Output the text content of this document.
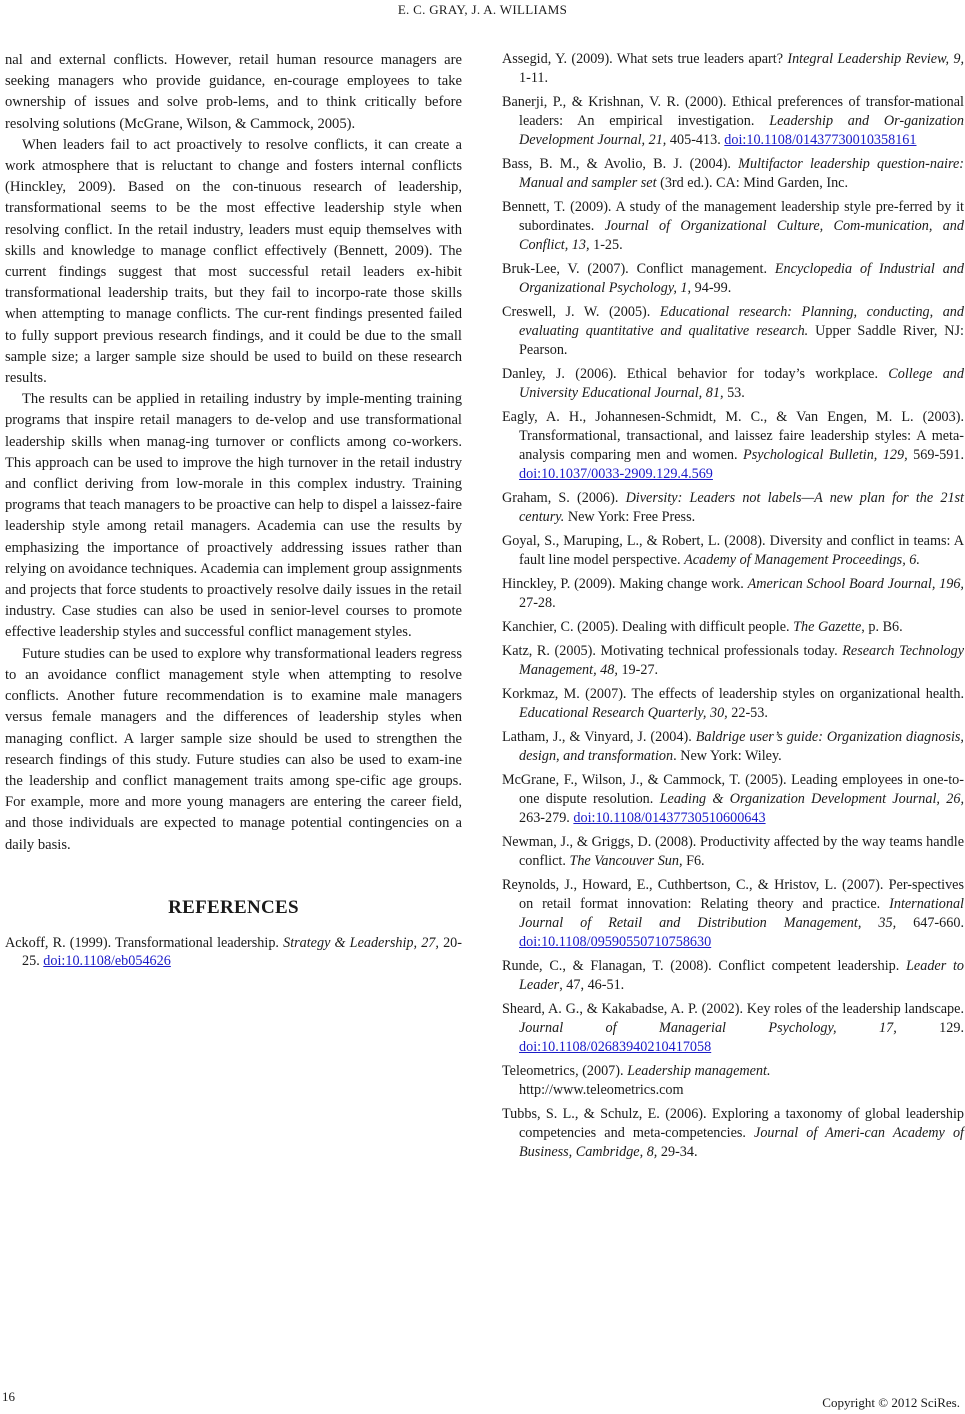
E. C. GRAY, J. A. WILLIAMS

nal and external conflicts. However, retail human resource managers are seeking managers who provide guidance, en-courage employees to take ownership of issues and solve prob-lems, and to think critically before resolving solutions (McGrane, Wilson, & Cammock, 2005).

When leaders fail to act proactively to resolve conflicts, it can create a work atmosphere that is reluctant to change and fosters internal conflicts (Hinckley, 2009). Based on the con-tinuous research of leadership, transformational seems to be the most effective leadership style when resolving conflict. In the retail industry, leaders must equip themselves with skills and knowledge to manage conflict effectively (Bennett, 2009). The current findings suggest that most successful retail leaders ex-hibit transformational leadership traits, but they fail to incorpo-rate those skills when attempting to manage conflicts. The cur-rent findings presented failed to fully support previous research findings, and it could be due to the small sample size; a larger sample size should be used to build on these research results.

The results can be applied in retailing industry by imple-menting training programs that inspire retail managers to de-velop and use transformational leadership skills when manag-ing turnover or conflicts among co-workers. This approach can be used to improve the high turnover in the retail industry and conflict deriving from low-morale in this complex industry. Training programs that teach managers to be proactive can help to dispel a laissez-faire leadership style among retail managers. Academia can use the results by emphasizing the importance of proactively addressing issues rather than relying on avoidance techniques. Academia can implement group assignments and projects that force students to proactively resolve daily issues in the retail industry. Case studies can also be used in senior-level courses to promote effective leadership styles and successful conflict management styles.

Future studies can be used to explore why transformational leaders regress to an avoidance conflict management style when attempting to resolve conflicts. Another future recommendation is to examine male managers versus female managers and the differences of leadership styles when managing conflict. A larger sample size should be used to strengthen the research findings of this study. Future studies can also be used to exam-ine the leadership and conflict management traits among spe-cific age groups. For example, more and more young managers are entering the career field, and those individuals are expected to manage potential contingencies on a daily basis.

REFERENCES

Ackoff, R. (1999). Transformational leadership. Strategy & Leadership, 27, 20-25. doi:10.1108/eb054626

Assegid, Y. (2009). What sets true leaders apart? Integral Leadership Review, 9, 1-11.

Banerji, P., & Krishnan, V. R. (2000). Ethical preferences of transfor-mational leaders: An empirical investigation. Leadership and Or-ganization Development Journal, 21, 405-413. doi:10.1108/01437730010358161

Bass, B. M., & Avolio, B. J. (2004). Multifactor leadership question-naire: Manual and sampler set (3rd ed.). CA: Mind Garden, Inc.

Bennett, T. (2009). A study of the management leadership style pre-ferred by it subordinates. Journal of Organizational Culture, Com-munication, and Conflict, 13, 1-25.

Bruk-Lee, V. (2007). Conflict management. Encyclopedia of Industrial and Organizational Psychology, 1, 94-99.

Creswell, J. W. (2005). Educational research: Planning, conducting, and evaluating quantitative and qualitative research. Upper Saddle River, NJ: Pearson.

Danley, J. (2006). Ethical behavior for today’s workplace. College and University Educational Journal, 81, 53.

Eagly, A. H., Johannesen-Schmidt, M. C., & Van Engen, M. L. (2003). Transformational, transactional, and laissez faire leadership styles: A meta-analysis comparing men and women. Psychological Bulletin, 129, 569-591. doi:10.1037/0033-2909.129.4.569

Graham, S. (2006). Diversity: Leaders not labels—A new plan for the 21st century. New York: Free Press.

Goyal, S., Maruping, L., & Robert, L. (2008). Diversity and conflict in teams: A fault line model perspective. Academy of Management Proceedings, 6.

Hinckley, P. (2009). Making change work. American School Board Journal, 196, 27-28.

Kanchier, C. (2005). Dealing with difficult people. The Gazette, p. B6.

Katz, R. (2005). Motivating technical professionals today. Research Technology Management, 48, 19-27.

Korkmaz, M. (2007). The effects of leadership styles on organizational health. Educational Research Quarterly, 30, 22-53.

Latham, J., & Vinyard, J. (2004). Baldrige user’s guide: Organization diagnosis, design, and transformation. New York: Wiley.

McGrane, F., Wilson, J., & Cammock, T. (2005). Leading employees in one-to-one dispute resolution. Leading & Organization Development Journal, 26, 263-279. doi:10.1108/01437730510600643

Newman, J., & Griggs, D. (2008). Productivity affected by the way teams handle conflict. The Vancouver Sun, F6.

Reynolds, J., Howard, E., Cuthbertson, C., & Hristov, L. (2007). Per-spectives on retail format innovation: Relating theory and practice. International Journal of Retail and Distribution Management, 35, 647-660. doi:10.1108/09590550710758630

Runde, C., & Flanagan, T. (2008). Conflict competent leadership. Leader to Leader, 47, 46-51.

Sheard, A. G., & Kakabadse, A. P. (2002). Key roles of the leadership landscape. Journal of Managerial Psychology, 17, 129. doi:10.1108/02683940210417058

Teleometrics, (2007). Leadership management.
http://www.teleometrics.com

Tubbs, S. L., & Schulz, E. (2006). Exploring a taxonomy of global leadership competencies and meta-competencies. Journal of Ameri-can Academy of Business, Cambridge, 8, 29-34.

16	Copyright © 2012 SciRes.
